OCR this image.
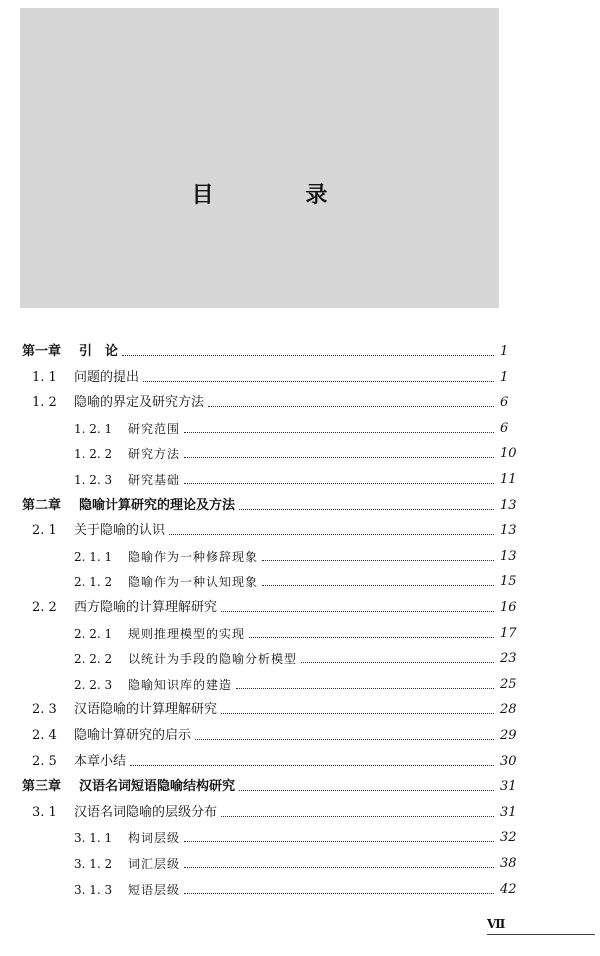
目 录
第一章 引　论	1
1. 1	问题的提出	1
1. 2	隐喻的界定及研究方法	6
1. 2. 1	研究范围	6
1. 2. 2	研究方法	10
1. 2. 3	研究基础	11
第二章 隐喻计算研究的理论及方法	13
2. 1	关于隐喻的认识	13
2. 1. 1	隐喻作为一种修辞现象	13
2. 1. 2	隐喻作为一种认知现象	15
2. 2	西方隐喻的计算理解研究	16
2. 2. 1	规则推理模型的实现	17
2. 2. 2	以统计为手段的隐喻分析模型	23
2. 2. 3	隐喻知识库的建造	25
2. 3	汉语隐喻的计算理解研究	28
2. 4	隐喻计算研究的启示	29
2. 5	本章小结	30
第三章 汉语名词短语隐喻结构研究	31
3. 1	汉语名词隐喻的层级分布	31
3. 1. 1	构词层级	32
3. 1. 2	词汇层级	38
3. 1. 3	短语层级	42
Ⅶ
